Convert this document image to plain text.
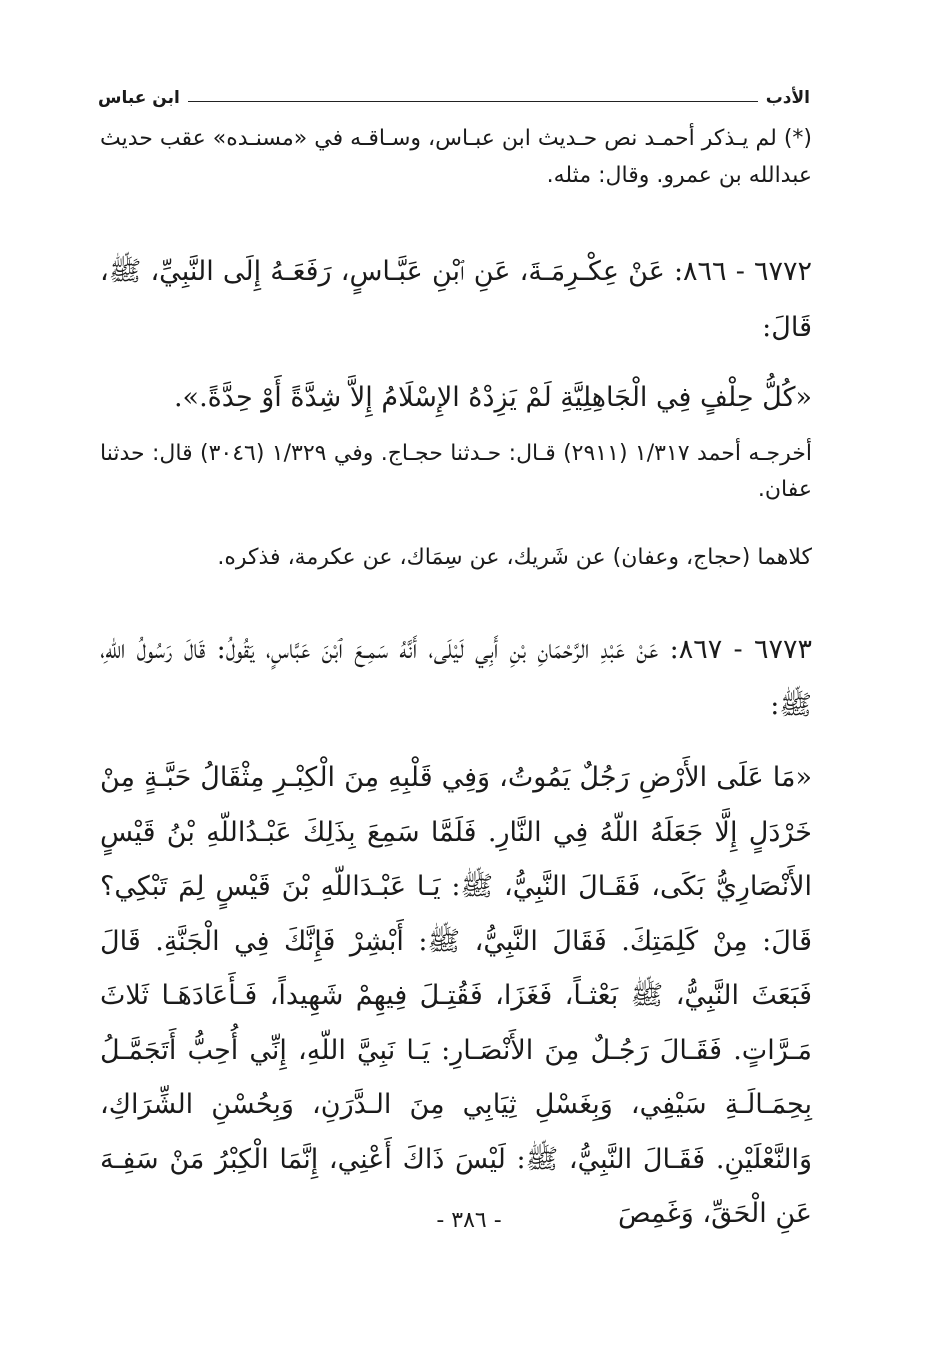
الأدب
ابن عباس
(*) لم يـذكر أحمـد نص حـديث ابن عبـاس، وسـاقـه في «مسنـده» عقب حديث عبدالله بن عمرو. وقال: مثله.
٦٧٧٢ - ٨٦٦: عَنْ عِكْـرِمَـةَ، عَنِ ٱبْنِ عَبَّـاسٍ، رَفَعَـهُ إِلَى النَّبِيِّ، ﷺ، قَالَ:
«كُلُّ حِلْفٍ فِي الْجَاهِلِيَّةِ لَمْ يَزِدْهُ الإِسْلَامُ إِلاَّ شِدَّةً أَوْ حِدَّةً.».
أخرجـه أحمد ١/٣١٧ (٢٩١١) قـال: حـدثنا حجـاج. وفي ١/٣٢٩ (٣٠٤٦) قال: حدثنا عفان.
كلاهما (حجاج، وعفان) عن شَريك، عن سِمَاك، عن عكرمة، فذكره.
٦٧٧٣ - ٨٦٧: عَنْ عَبْدِ الرَّحْمَانِ بْنِ أَبِي لَيْلَى، أَنَّهُ سَمِـعَ ٱبْنَ عَبَّاسٍ، يَقُولُ: قَالَ رَسُولُ اللّهِ، ﷺ:
«مَا عَلَى الأَرْضِ رَجُلٌ يَمُوتُ، وَفِي قَلْبِهِ مِنَ الْكِبْـرِ مِثْقَالُ حَبَّـةٍ مِنْ خَرْدَلٍ إِلَّا جَعَلَهُ اللّهُ فِي النَّارِ. فَلَمَّا سَمِعَ بِذَلِكَ عَبْـدُاللّهِ بْنُ قَيْسٍ الأَنْصَارِيُّ بَكَى، فَقَـالَ النَّبِيُّ، ﷺ: يَـا عَبْـدَاللّهِ بْنَ قَيْسٍ لِمَ تَبْكِي؟ قَالَ: مِنْ كَلِمَتِكَ. فَقَالَ النَّبِيُّ، ﷺ: أَبْشِرْ فَإِنَّكَ فِي الْجَنَّةِ. قَالَ فَبَعَثَ النَّبِيُّ، ﷺ بَعْثـاً، فَغَزَا، فَقُتِـلَ فِيهِمْ شَهِيداً، فَـأَعَادَهَـا ثَلاثَ مَـرَّاتٍ. فَقَـالَ رَجُـلٌ مِنَ الأَنْصَـارِ: يَـا نَبِيَّ اللّهِ، إِنِّي أُحِبُّ أَتَجَمَّـلُ بِحِمَـالَـةِ سَيْفِي، وَبِغَسْلِ ثِيَابِي مِنَ الـدَّرَنِ، وَبِحُسْنِ الشِّرَاكِ، وَالنَّعْلَيْنِ. فَقَـالَ النَّبِيُّ، ﷺ: لَيْسَ ذَاكَ أَعْنِي، إِنَّمَا الْكِبْرُ مَنْ سَفِـهَ عَنِ الْحَقِّ، وَغَمِصَ
- ٣٨٦ -
